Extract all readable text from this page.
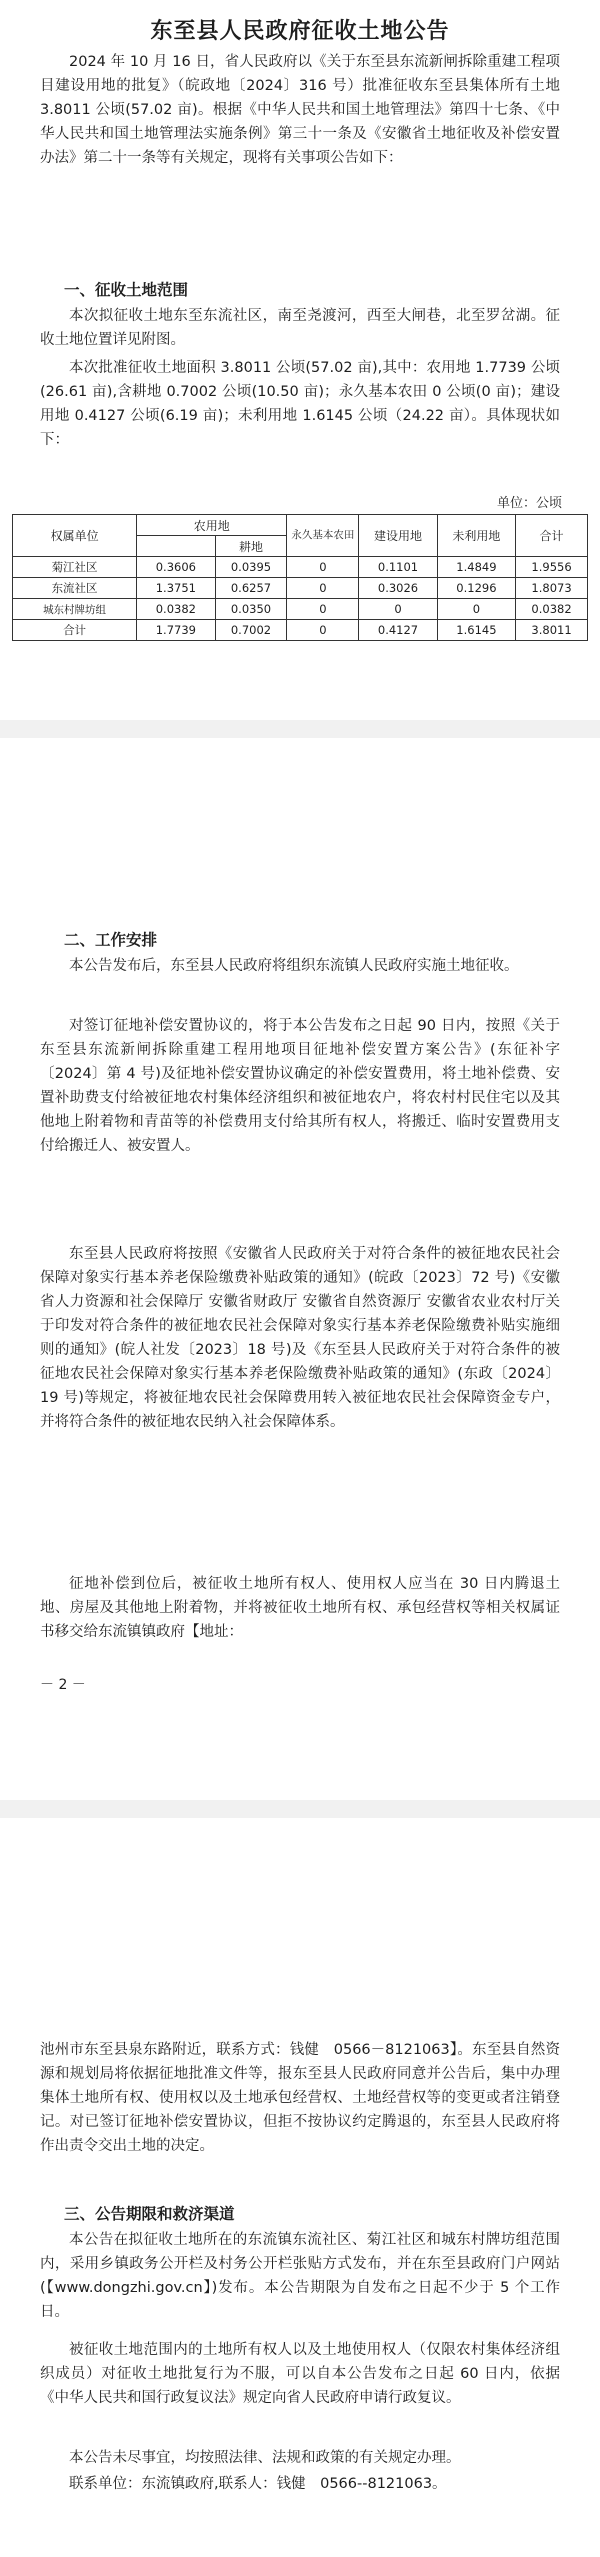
东至县人民政府征收土地公告
2024 年 10 月 16 日，省人民政府以《关于东至县东流新闸拆除重建工程项目建设用地的批复》（皖政地〔2024〕316 号）批准征收东至县集体所有土地 3.8011 公顷(57.02 亩)。根据《中华人民共和国土地管理法》第四十七条、《中华人民共和国土地管理法实施条例》第三十一条及《安徽省土地征收及补偿安置办法》第二十一条等有关规定，现将有关事项公告如下：
一、征收土地范围
本次拟征收土地东至东流社区，南至尧渡河，西至大闸巷，北至罗岔湖。征收土地位置详见附图。
本次批准征收土地面积 3.8011 公顷(57.02 亩),其中：农用地 1.7739 公顷(26.61 亩),含耕地 0.7002 公顷(10.50 亩)；永久基本农田 0 公顷(0 亩)；建设用地 0.4127 公顷(6.19 亩)；未利用地 1.6145 公顷（24.22 亩）。具体现状如下：
单位：公顷
权属单位	农用地		永久基本农田	建设用地	未利用地	合计
		耕地				
菊江社区	0.3606	0.0395	0	0.1101	1.4849	1.9556
东流社区	1.3751	0.6257	0	0.3026	0.1296	1.8073
城东村牌坊组	0.0382	0.0350	0	0	0	0.0382
合计	1.7739	0.7002	0	0.4127	1.6145	3.8011
二、工作安排
本公告发布后，东至县人民政府将组织东流镇人民政府实施土地征收。
对签订征地补偿安置协议的，将于本公告发布之日起 90 日内，按照《关于东至县东流新闸拆除重建工程用地项目征地补偿安置方案公告》(东征补字〔2024〕第 4 号)及征地补偿安置协议确定的补偿安置费用，将土地补偿费、安置补助费支付给被征地农村集体经济组织和被征地农户，将农村村民住宅以及其他地上附着物和青苗等的补偿费用支付给其所有权人，将搬迁、临时安置费用支付给搬迁人、被安置人。
东至县人民政府将按照《安徽省人民政府关于对符合条件的被征地农民社会保障对象实行基本养老保险缴费补贴政策的通知》(皖政〔2023〕72 号)《安徽省人力资源和社会保障厅 安徽省财政厅 安徽省自然资源厅 安徽省农业农村厅关于印发对符合条件的被征地农民社会保障对象实行基本养老保险缴费补贴实施细则的通知》(皖人社发〔2023〕18 号)及《东至县人民政府关于对符合条件的被征地农民社会保障对象实行基本养老保险缴费补贴政策的通知》(东政〔2024〕19 号)等规定，将被征地农民社会保障费用转入被征地农民社会保障资金专户，并将符合条件的被征地农民纳入社会保障体系。
征地补偿到位后，被征收土地所有权人、使用权人应当在 30 日内腾退土地、房屋及其他地上附着物，并将被征收土地所有权、承包经营权等相关权属证书移交给东流镇镇政府【地址：
－ 2 －
池州市东至县泉东路附近，联系方式：钱健　0566－8121063】。东至县自然资源和规划局将依据征地批准文件等，报东至县人民政府同意并公告后，集中办理集体土地所有权、使用权以及土地承包经营权、土地经营权等的变更或者注销登记。对已签订征地补偿安置协议，但拒不按协议约定腾退的，东至县人民政府将作出责令交出土地的决定。
三、公告期限和救济渠道
本公告在拟征收土地所在的东流镇东流社区、菊江社区和城东村牌坊组范围内，采用乡镇政务公开栏及村务公开栏张贴方式发布，并在东至县政府门户网站(【www.dongzhi.gov.cn】)发布。本公告期限为自发布之日起不少于 5 个工作日。
被征收土地范围内的土地所有权人以及土地使用权人（仅限农村集体经济组织成员）对征收土地批复行为不服，可以自本公告发布之日起 60 日内，依据《中华人民共和国行政复议法》规定向省人民政府申请行政复议。
本公告未尽事宜，均按照法律、法规和政策的有关规定办理。
联系单位：东流镇政府,联系人：钱健　0566--8121063。
